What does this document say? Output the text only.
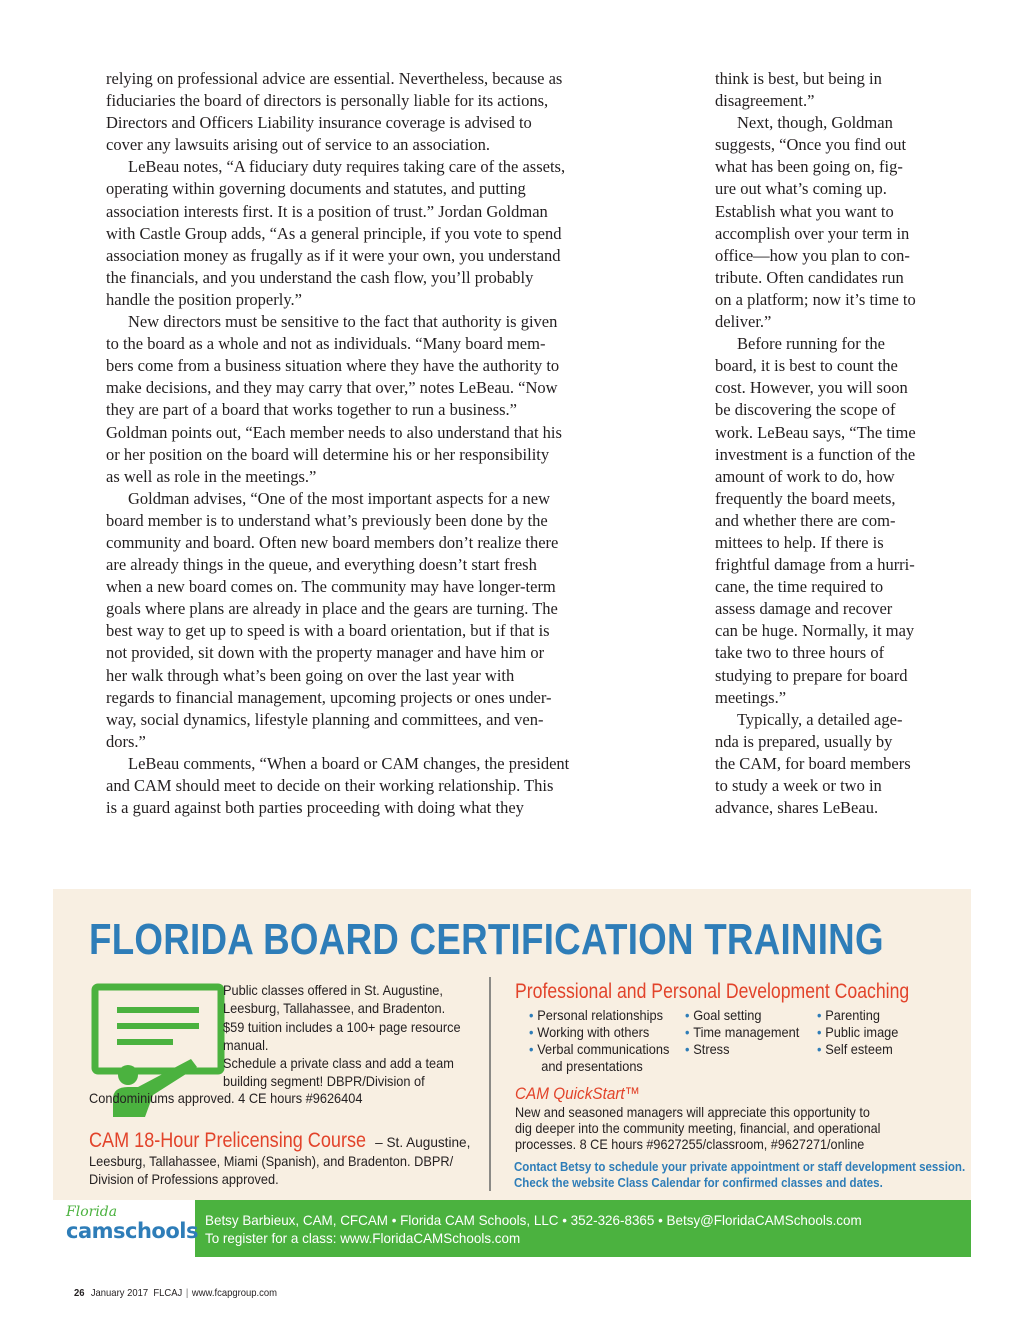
relying on professional advice are essential. Nevertheless, because as

fiduciaries the board of directors is personally liable for its actions,

Directors and Officers Liability insurance coverage is advised to

cover any lawsuits arising out of service to an association.

LeBeau notes, “A fiduciary duty requires taking care of the assets,

operating within governing documents and statutes, and putting

association interests first. It is a position of trust.” Jordan Goldman

with Castle Group adds, “As a general principle, if you vote to spend

association money as frugally as if it were your own, you understand

the financials, and you understand the cash flow, you’ll probably

handle the position properly.”

New directors must be sensitive to the fact that authority is given

to the board as a whole and not as individuals. “Many board mem-

bers come from a business situation where they have the authority to

make decisions, and they may carry that over,” notes LeBeau. “Now

they are part of a board that works together to run a business.”

Goldman points out, “Each member needs to also understand that his

or her position on the board will determine his or her responsibility

as well as role in the meetings.”

Goldman advises, “One of the most important aspects for a new

board member is to understand what’s previously been done by the

community and board. Often new board members don’t realize there

are already things in the queue, and everything doesn’t start fresh

when a new board comes on. The community may have longer-term

goals where plans are already in place and the gears are turning. The

best way to get up to speed is with a board orientation, but if that is

not provided, sit down with the property manager and have him or

her walk through what’s been going on over the last year with

regards to financial management, upcoming projects or ones under-

way, social dynamics, lifestyle planning and committees, and ven-

dors.”

LeBeau comments, “When a board or CAM changes, the president

and CAM should meet to decide on their working relationship. This

is a guard against both parties proceeding with doing what they

think is best, but being in

disagreement.”

Next, though, Goldman

suggests, “Once you find out

what has been going on, fig-

ure out what’s coming up.

Establish what you want to

accomplish over your term in

office—how you plan to con-

tribute. Often candidates run

on a platform; now it’s time to

deliver.”

Before running for the

board, it is best to count the

cost. However, you will soon

be discovering the scope of

work. LeBeau says, “The time

investment is a function of the

amount of work to do, how

frequently the board meets,

and whether there are com-

mittees to help. If there is

frightful damage from a hurri-

cane, the time required to

assess damage and recover

can be huge. Normally, it may

take two to three hours of

studying to prepare for board

meetings.”

Typically, a detailed age-

nda is prepared, usually by

the CAM, for board members

to study a week or two in

advance, shares LeBeau.

FLORIDA BOARD CERTIFICATION TRAINING

Public classes offered in St. Augustine,

Leesburg, Tallahassee, and Bradenton.

$59 tuition includes a 100+ page resource

manual.

Schedule a private class and add a team

building segment! DBPR/Division of

Condominiums approved. 4 CE hours #9626404
CAM 18-Hour Prelicensing Course – St. Augustine,

Leesburg, Tallahassee, Miami (Spanish), and Bradenton. DBPR/

Division of Professions approved.

Professional and Personal Development Coaching
• Personal relationships
• Working with others
• Verbal communications
and presentations
• Goal setting
• Time management
• Stress
• Parenting
• Public image
• Self esteem
CAM QuickStart™

New and seasoned managers will appreciate this opportunity to

dig deeper into the community meeting, financial, and operational

processes. 8 CE hours #9627255/classroom, #9627271/online

Contact Betsy to schedule your private appointment or staff development session.

Check the website Class Calendar for confirmed classes and dates.

Florida
camschools Betsy Barbieux, CAM, CFCAM • Florida CAM Schools, LLC • 352-326-8365 • Betsy@FloridaCAMSchools.com

To register for a class: www.FloridaCAMSchools.com

26 January 2017 FLCAJ | www.fcapgroup.com
